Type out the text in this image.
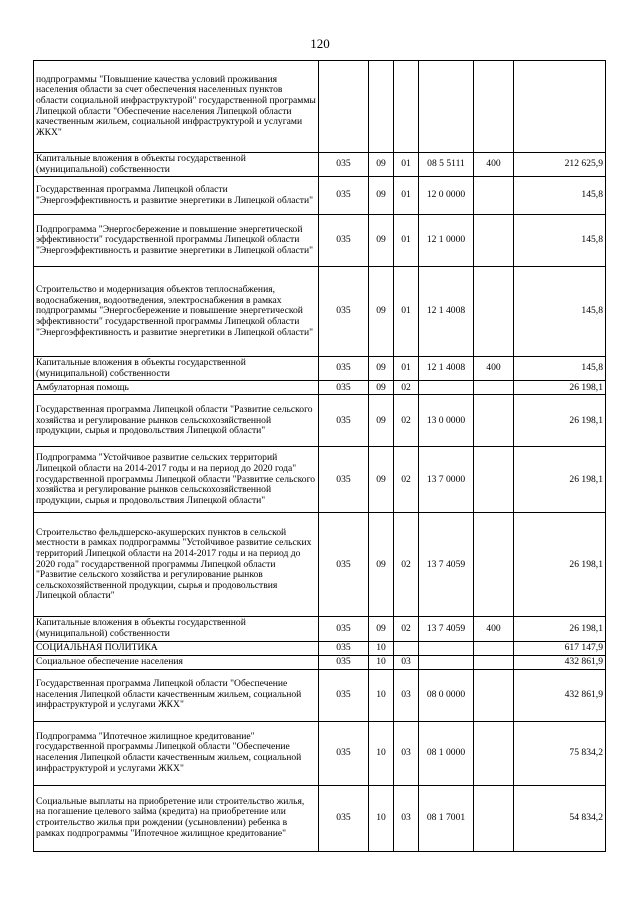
120
подпрограммы "Повышение качества условий проживания населения области за счет обеспечения населенных пунктов области социальной инфраструктурой" государственной программы Липецкой области "Обеспечение населения Липецкой области качественным жильем, социальной инфраструктурой и услугами ЖКХ"						
Капитальные вложения в объекты государственной (муниципальной) собственности	035	09	01	08 5 5111	400	212 625,9
Государственная программа Липецкой области "Энергоэффективность и развитие энергетики в Липецкой области"	035	09	01	12 0 0000		145,8
Подпрограмма "Энергосбережение и повышение энергетической эффективности" государственной программы Липецкой области "Энергоэффективность и развитие энергетики в Липецкой области"	035	09	01	12 1 0000		145,8
Строительство и модернизация объектов теплоснабжения, водоснабжения, водоотведения, электроснабжения в рамках подпрограммы "Энергосбережение и повышение энергетической эффективности" государственной программы Липецкой области "Энергоэффективность и развитие энергетики в Липецкой области"	035	09	01	12 1 4008		145,8
Капитальные вложения в объекты государственной (муниципальной) собственности	035	09	01	12 1 4008	400	145,8
Амбулаторная помощь	035	09	02			26 198,1
Государственная программа Липецкой области "Развитие сельского хозяйства и регулирование рынков сельскохозяйственной продукции, сырья и продовольствия Липецкой области"	035	09	02	13 0 0000		26 198,1
Подпрограмма "Устойчивое развитие сельских территорий Липецкой области на 2014-2017 годы и на период до 2020 года" государственной программы Липецкой области "Развитие сельского хозяйства и регулирование рынков сельскохозяйственной продукции, сырья и продовольствия Липецкой области"	035	09	02	13 7 0000		26 198,1
Строительство фельдшерско-акушерских пунктов в сельской местности в рамках подпрограммы "Устойчивое развитие сельских территорий Липецкой области на 2014-2017 годы и на период до 2020 года" государственной программы Липецкой области "Развитие сельского хозяйства и регулирование рынков сельскохозяйственной продукции, сырья и продовольствия Липецкой области"	035	09	02	13 7 4059		26 198,1
Капитальные вложения в объекты государственной (муниципальной) собственности	035	09	02	13 7 4059	400	26 198,1
СОЦИАЛЬНАЯ ПОЛИТИКА	035	10				617 147,9
Социальное обеспечение населения	035	10	03			432 861,9
Государственная программа Липецкой области "Обеспечение населения Липецкой области качественным жильем, социальной инфраструктурой и услугами ЖКХ"	035	10	03	08 0 0000		432 861,9
Подпрограмма "Ипотечное жилищное кредитование" государственной программы Липецкой области "Обеспечение населения Липецкой области качественным жильем, социальной инфраструктурой и услугами ЖКХ"	035	10	03	08 1 0000		75 834,2
Социальные выплаты на приобретение или строительство жилья, на погашение целевого займа (кредита) на приобретение или строительство жилья при рождении (усыновлении) ребенка в рамках подпрограммы "Ипотечное жилищное кредитование"	035	10	03	08 1 7001		54 834,2
